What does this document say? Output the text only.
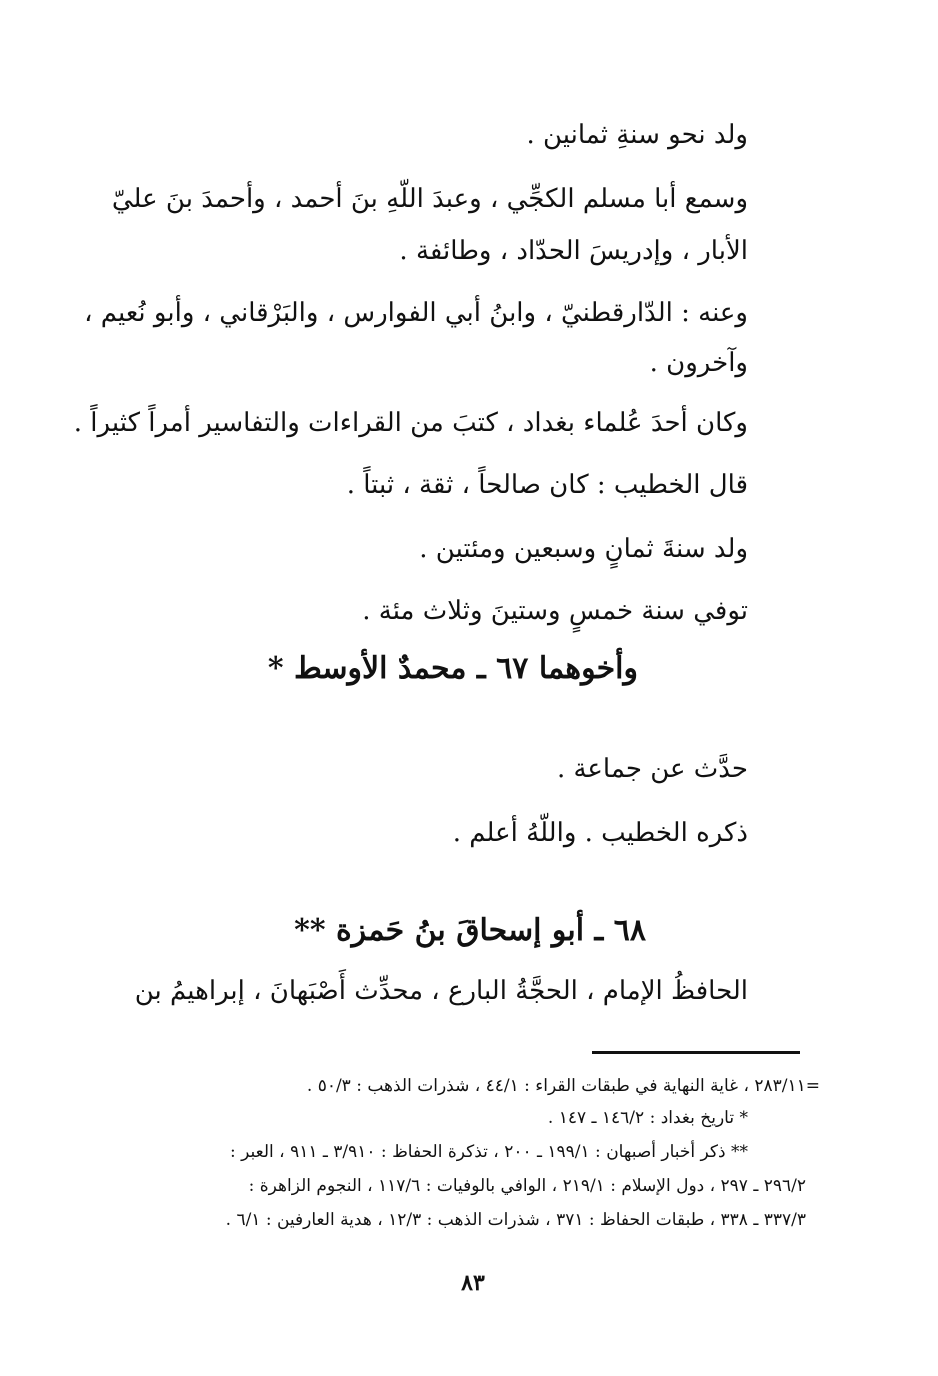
ولد نحو سنةِ ثمانين .
وسمع أبا مسلم الكجِّي ، وعبدَ اللّهِ بنَ أحمد ، وأحمدَ بنَ عليّ
الأبار ، وإدريسَ الحدّاد ، وطائفة .
وعنه : الدّارقطنيّ ، وابنُ أبي الفوارس ، والبَرْقاني ، وأبو نُعيم ،
وآخرون .
وكان أحدَ عُلماء بغداد ، كتبَ من القراءات والتفاسير أمراً كثيراً .
قال الخطيب : كان صالحاً ، ثقة ، ثبتاً .
ولد سنةَ ثمانٍ وسبعين ومئتين .
توفي سنة خمسٍ وستينَ وثلاث مئة .
وأخوهما ٦٧ ـ محمدٌ الأوسط *
حدَّث عن جماعة .
ذكره الخطيب . واللّهُ أعلم .
٦٨ ـ أبو إسحاقَ بنُ حَمزة **
الحافظُ الإمام ، الحجَّةُ البارع ، محدِّث أَصْبَهانَ ، إبراهيمُ بن
=٢٨٣/١١ ، غاية النهاية في طبقات القراء : ٤٤/١ ، شذرات الذهب : ٥٠/٣ .
* تاريخ بغداد : ١٤٦/٢ ـ ١٤٧ .
** ذكر أخبار أصبهان : ١٩٩/١ ـ ٢٠٠ ، تذكرة الحفاظ : ٣/٩١٠ ـ ٩١١ ، العبر :
٢٩٦/٢ ـ ٢٩٧ ، دول الإسلام : ٢١٩/١ ، الوافي بالوفيات : ١١٧/٦ ، النجوم الزاهرة :
٣٣٧/٣ ـ ٣٣٨ ، طبقات الحفاظ : ٣٧١ ، شذرات الذهب : ١٢/٣ ، هدية العارفين : ٦/١ .
٨٣
